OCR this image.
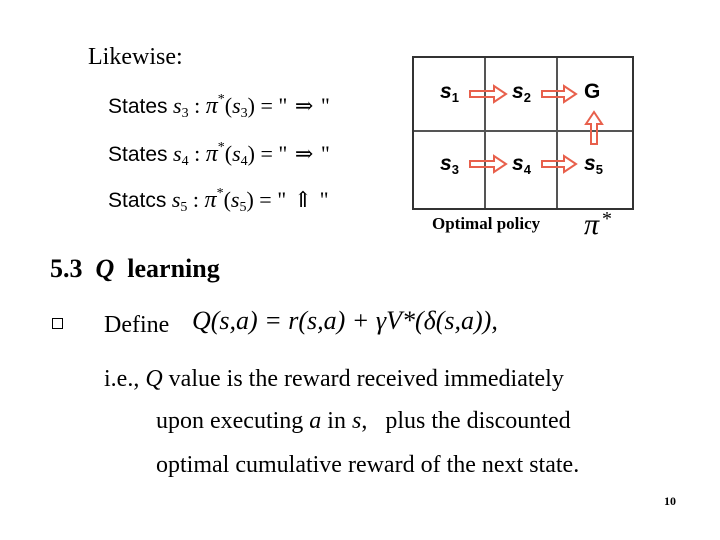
Likewise:
States $s_3$ : $\pi^*(s_3)$ = " ⇒ "
States $s_4$ : $\pi^*(s_4)$ = " ⇒ "
Statcs $s_5$ : $\pi^*(s_5)$ = " ⇑ "
$s_1$	$s_2$	G
$s_3$	$s_4$	$s_5$
Optimal policy π *
5.3 Q learning
Define Q(s,a) = r(s,a) + γV*(δ(s,a)),
i.e., Q value is the reward received immediately
upon executing a in s,   plus the discounted
optimal cumulative reward of the next state.
10
